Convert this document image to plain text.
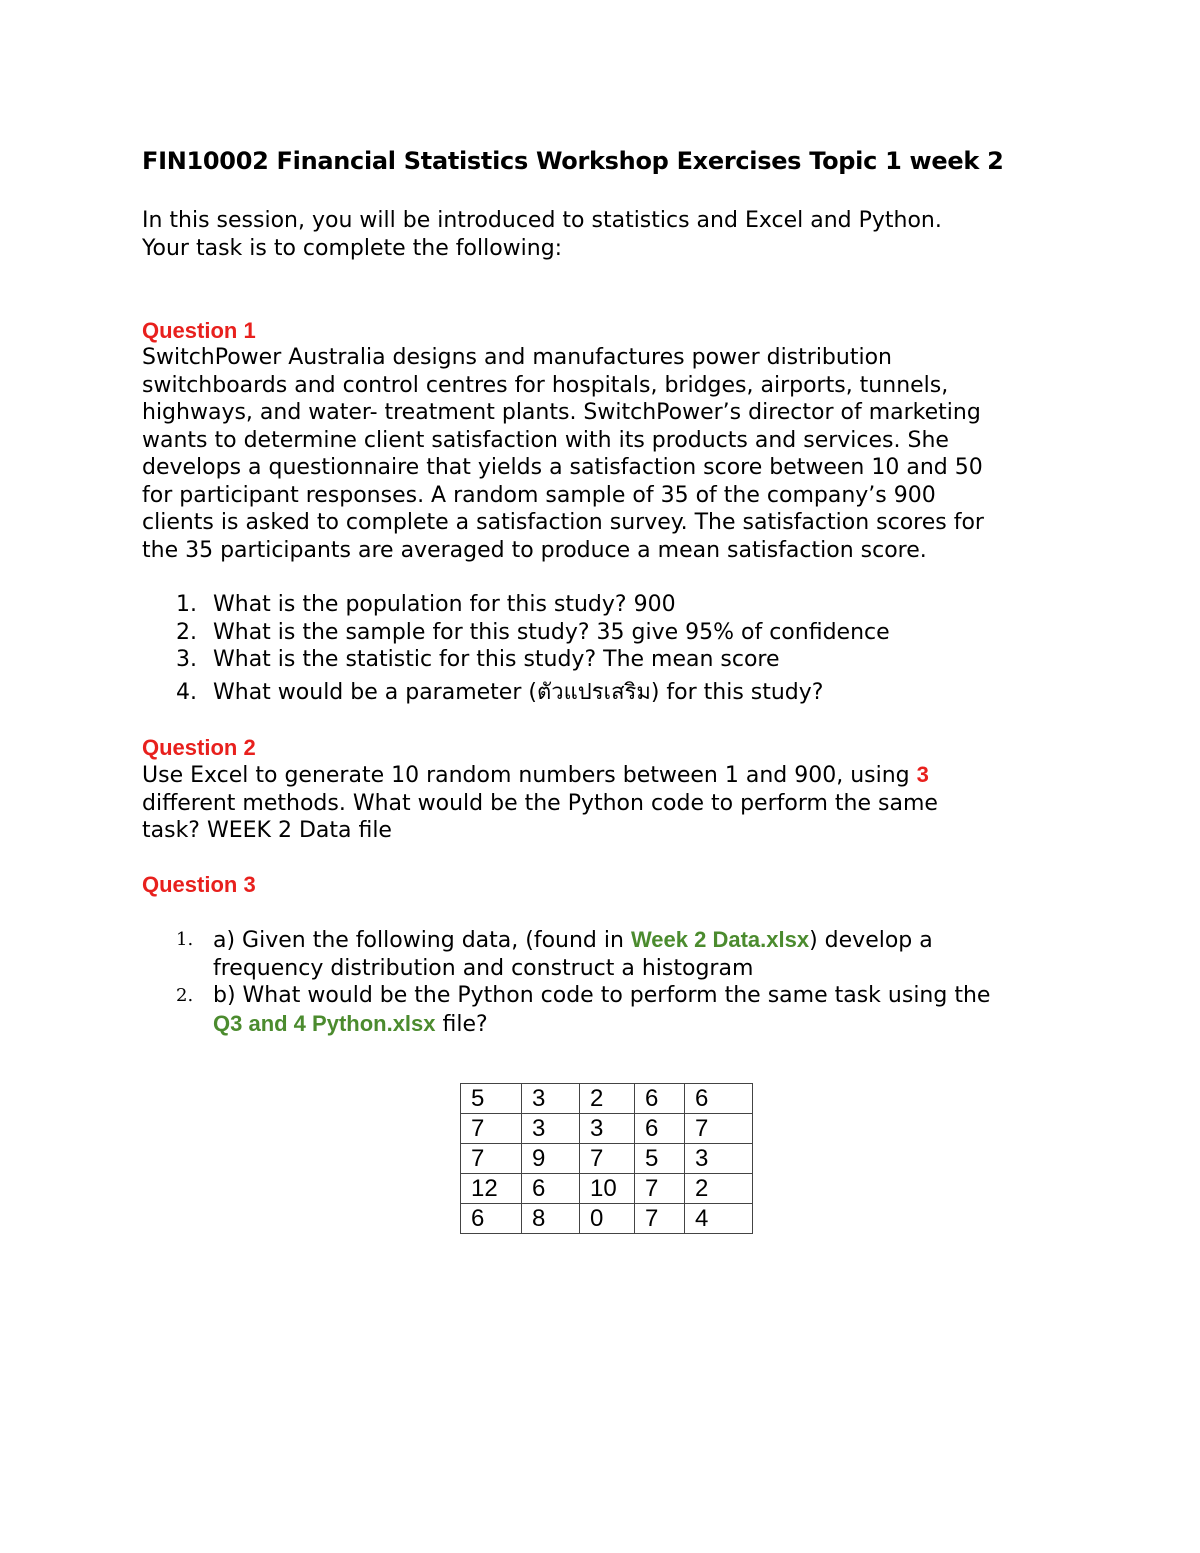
FIN10002 Financial Statistics Workshop Exercises Topic 1 week 2
In this session, you will be introduced to statistics and Excel and Python.
Your task is to complete the following:
Question 1
SwitchPower Australia designs and manufactures power distribution
switchboards and control centres for hospitals, bridges, airports, tunnels,
highways, and water- treatment plants. SwitchPower’s director of marketing
wants to determine client satisfaction with its products and services. She
develops a questionnaire that yields a satisfaction score between 10 and 50
for participant responses. A random sample of 35 of the company’s 900
clients is asked to complete a satisfaction survey. The satisfaction scores for
the 35 participants are averaged to produce a mean satisfaction score.
1. What is the population for this study? 900
2. What is the sample for this study? 35 give 95% of confidence
3. What is the statistic for this study? The mean score
4. What would be a parameter (ตัวแปรเสริม) for this study?
Question 2
Use Excel to generate 10 random numbers between 1 and 900, using 3
different methods. What would be the Python code to perform the same
task? WEEK 2 Data file
Question 3
1. a) Given the following data, (found in Week 2 Data.xlsx) develop a
frequency distribution and construct a histogram
2. b) What would be the Python code to perform the same task using the
Q3 and 4 Python.xlsx file?
5	3	2	6	6
7	3	3	6	7
7	9	7	5	3
12	6	10	7	2
6	8	0	7	4
